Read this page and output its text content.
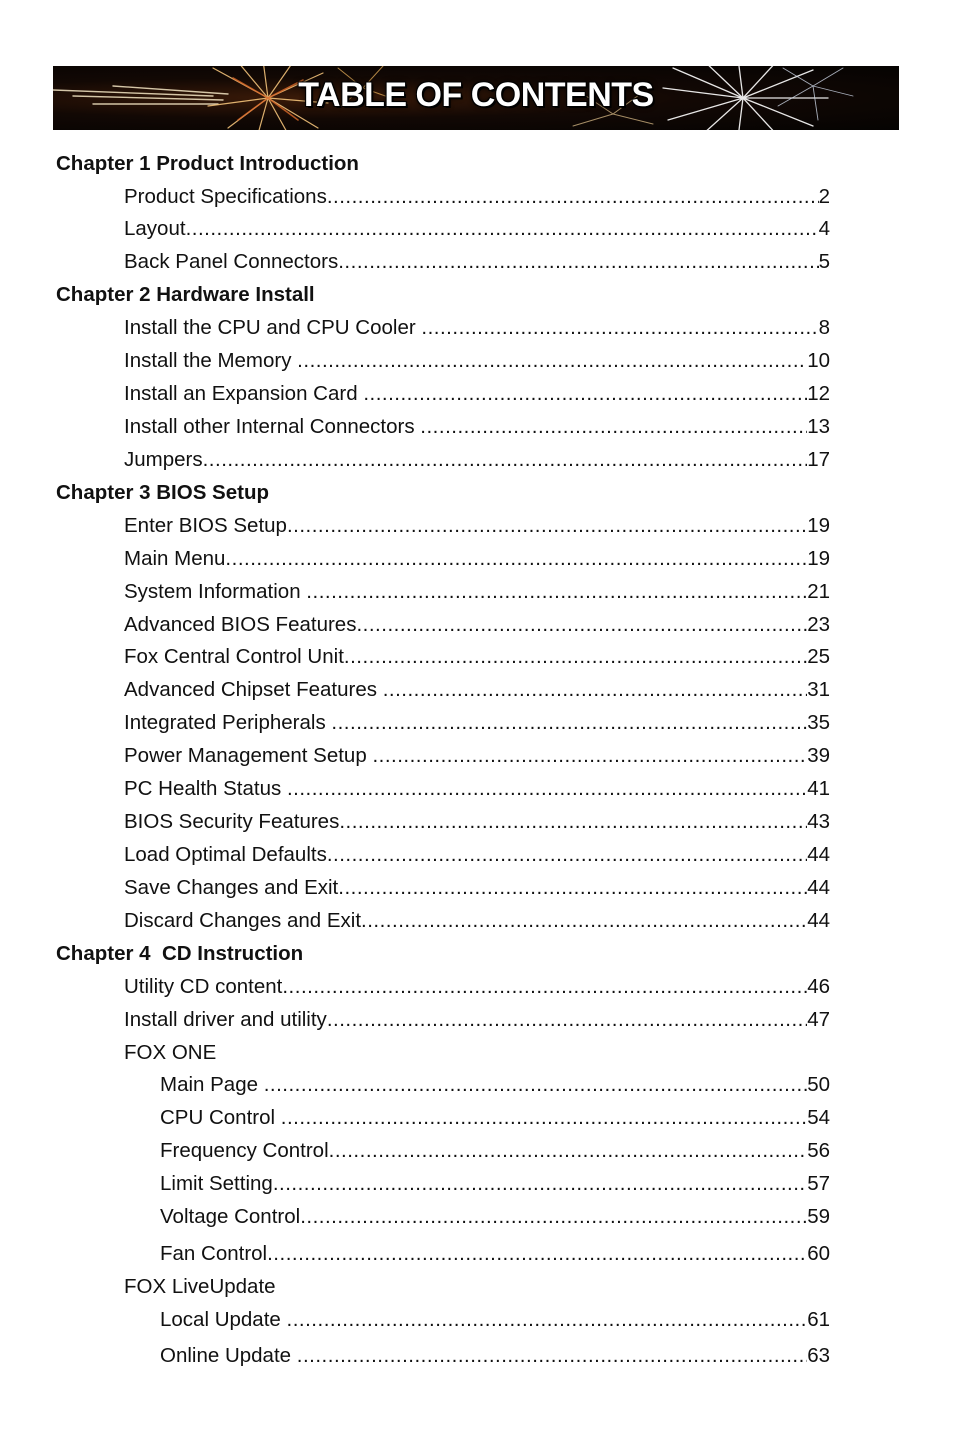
TABLE OF CONTENTS
Chapter 1 Product Introduction
Product Specifications .....	2
Layout .....	4
Back Panel Connectors .....	5
Chapter 2 Hardware Install
Install the CPU and CPU Cooler .....	8
Install the Memory .....	10
Install an Expansion Card .....	12
Install other Internal Connectors .....	13
Jumpers .....	17
Chapter 3 BIOS Setup
Enter BIOS Setup .....	19
Main Menu .....	19
System Information .....	21
Advanced BIOS Features .....	23
Fox Central Control Unit .....	25
Advanced Chipset Features .....	31
Integrated Peripherals .....	35
Power Management Setup .....	39
PC Health Status .....	41
BIOS Security Features .....	43
Load Optimal Defaults .....	44
Save Changes and Exit .....	44
Discard Changes and Exit .....	44
Chapter 4  CD Instruction
Utility CD content .....	46
Install driver and utility .....	47
FOX ONE
Main Page .....	50
CPU Control .....	54
Frequency Control .....	56
Limit Setting .....	57
Voltage Control .....	59
Fan Control .....	60
FOX LiveUpdate
Local Update .....	61
Online Update .....	63
